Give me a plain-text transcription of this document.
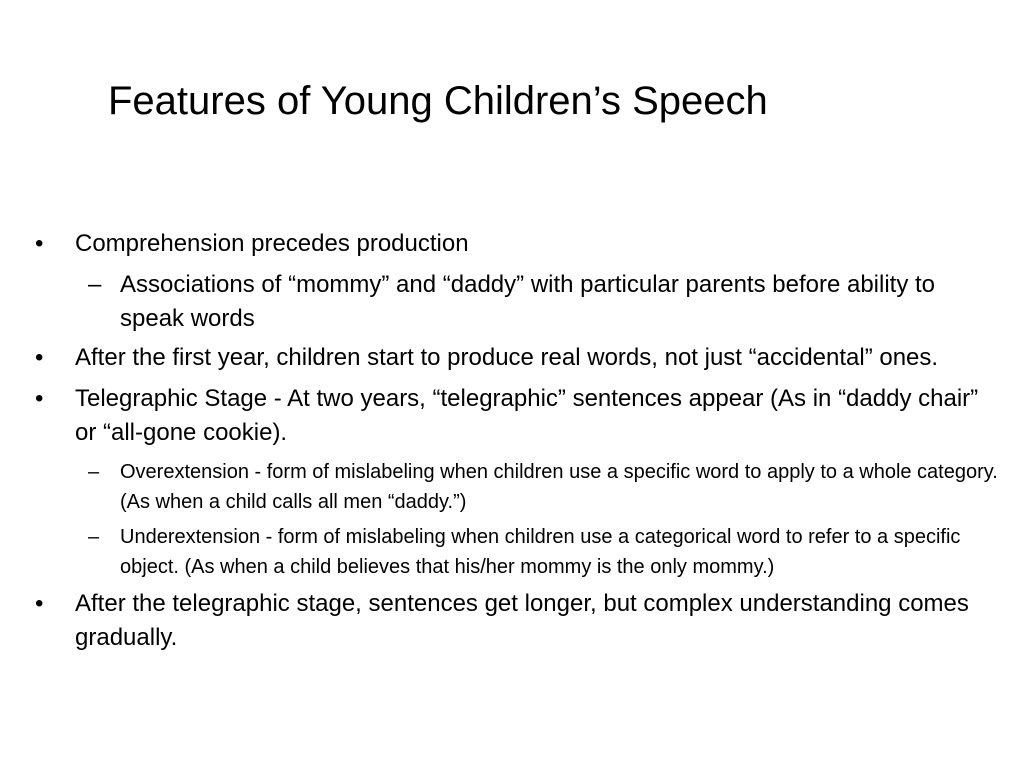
Features of Young Children’s Speech
• Comprehension precedes production
– Associations of “mommy” and “daddy” with particular parents before ability to speak words
• After the first year, children start to produce real words, not just “accidental” ones.
• Telegraphic Stage - At two years, “telegraphic” sentences appear (As in “daddy chair” or “all-gone cookie).
– Overextension - form of mislabeling when children use a specific word to apply to a whole category. (As when a child calls all men “daddy.”)
– Underextension - form of mislabeling when children use a categorical word to refer to a specific object. (As when a child believes that his/her mommy is the only mommy.)
• After the telegraphic stage, sentences get longer, but complex understanding comes gradually.
